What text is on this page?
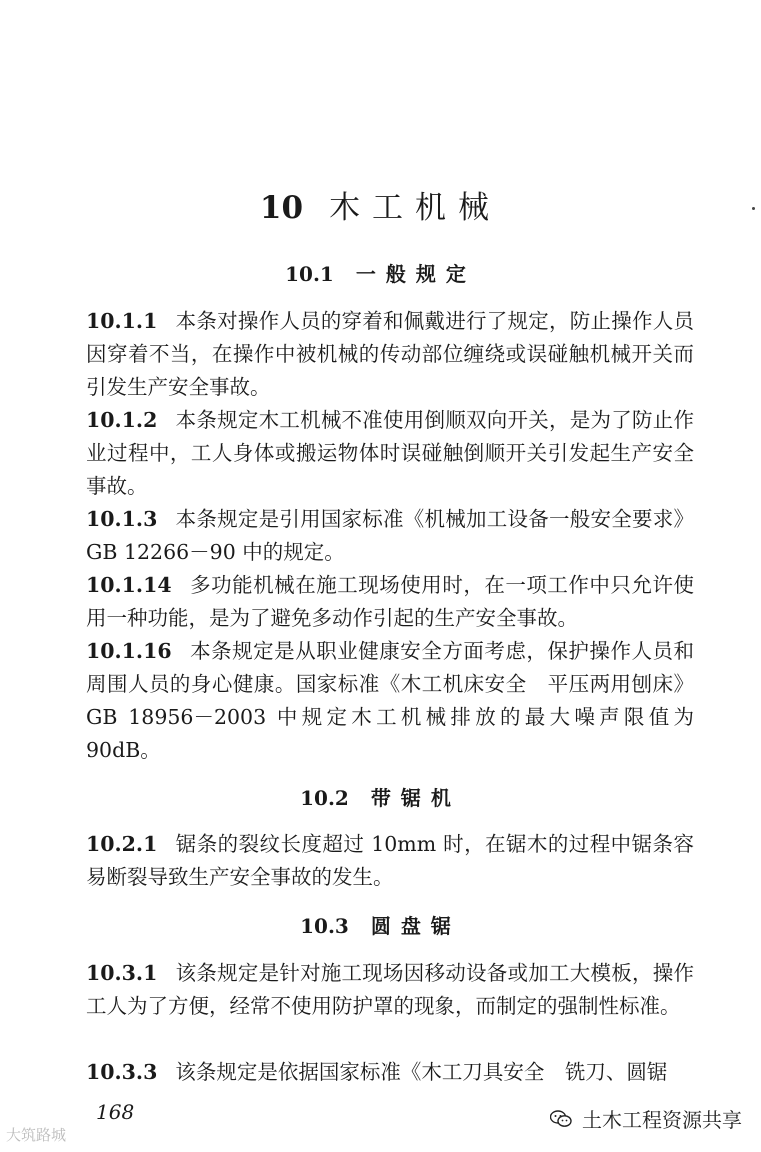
10 木工机械
10.1 一般规定
10.1.1 本条对操作人员的穿着和佩戴进行了规定，防止操作人员因穿着不当，在操作中被机械的传动部位缠绕或误碰触机械开关而引发生产安全事故。
10.1.2 本条规定木工机械不准使用倒顺双向开关，是为了防止作业过程中，工人身体或搬运物体时误碰触倒顺开关引发起生产安全事故。
10.1.3 本条规定是引用国家标准《机械加工设备一般安全要求》GB 12266－90 中的规定。
10.1.14 多功能机械在施工现场使用时，在一项工作中只允许使用一种功能，是为了避免多动作引起的生产安全事故。
10.1.16 本条规定是从职业健康安全方面考虑，保护操作人员和周围人员的身心健康。国家标准《木工机床安全　平压两用刨床》GB 18956－2003 中规定木工机械排放的最大噪声限值为 90dB。
10.2 带锯机
10.2.1 锯条的裂纹长度超过 10mm 时，在锯木的过程中锯条容易断裂导致生产安全事故的发生。
10.3 圆盘锯
10.3.1 该条规定是针对施工现场因移动设备或加工大模板，操作工人为了方便，经常不使用防护罩的现象，而制定的强制性标准。
10.3.3 该条规定是依据国家标准《木工刀具安全　铣刀、圆锯
168	土木工程资源共享
大筑路城
